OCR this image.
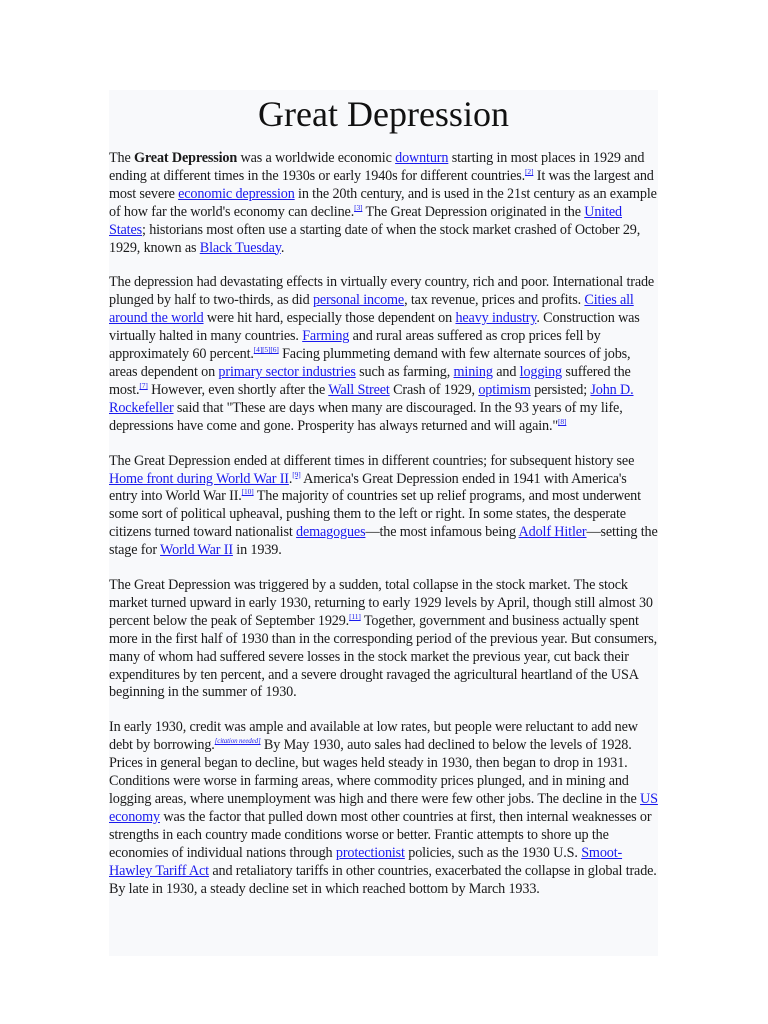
Great Depression

The Great Depression was a worldwide economic downturn starting in most places in 1929 and ending at different times in the 1930s or early 1940s for different countries.[2] It was the largest and most severe economic depression in the 20th century, and is used in the 21st century as an example of how far the world's economy can decline.[3] The Great Depression originated in the United States; historians most often use a starting date of when the stock market crashed of October 29, 1929, known as Black Tuesday.

The depression had devastating effects in virtually every country, rich and poor. International trade plunged by half to two-thirds, as did personal income, tax revenue, prices and profits. Cities all around the world were hit hard, especially those dependent on heavy industry. Construction was virtually halted in many countries. Farming and rural areas suffered as crop prices fell by approximately 60 percent.[4][5][6] Facing plummeting demand with few alternate sources of jobs, areas dependent on primary sector industries such as farming, mining and logging suffered the most.[7] However, even shortly after the Wall Street Crash of 1929, optimism persisted; John D. Rockefeller said that "These are days when many are discouraged. In the 93 years of my life, depressions have come and gone. Prosperity has always returned and will again."[8]

The Great Depression ended at different times in different countries; for subsequent history see Home front during World War II.[9] America's Great Depression ended in 1941 with America's entry into World War II.[10] The majority of countries set up relief programs, and most underwent some sort of political upheaval, pushing them to the left or right. In some states, the desperate citizens turned toward nationalist demagogues—the most infamous being Adolf Hitler—setting the stage for World War II in 1939.

The Great Depression was triggered by a sudden, total collapse in the stock market. The stock market turned upward in early 1930, returning to early 1929 levels by April, though still almost 30 percent below the peak of September 1929.[11] Together, government and business actually spent more in the first half of 1930 than in the corresponding period of the previous year. But consumers, many of whom had suffered severe losses in the stock market the previous year, cut back their expenditures by ten percent, and a severe drought ravaged the agricultural heartland of the USA beginning in the summer of 1930.

In early 1930, credit was ample and available at low rates, but people were reluctant to add new debt by borrowing.[citation needed] By May 1930, auto sales had declined to below the levels of 1928. Prices in general began to decline, but wages held steady in 1930, then began to drop in 1931. Conditions were worse in farming areas, where commodity prices plunged, and in mining and logging areas, where unemployment was high and there were few other jobs. The decline in the US economy was the factor that pulled down most other countries at first, then internal weaknesses or strengths in each country made conditions worse or better. Frantic attempts to shore up the economies of individual nations through protectionist policies, such as the 1930 U.S. Smoot-Hawley Tariff Act and retaliatory tariffs in other countries, exacerbated the collapse in global trade. By late in 1930, a steady decline set in which reached bottom by March 1933.
